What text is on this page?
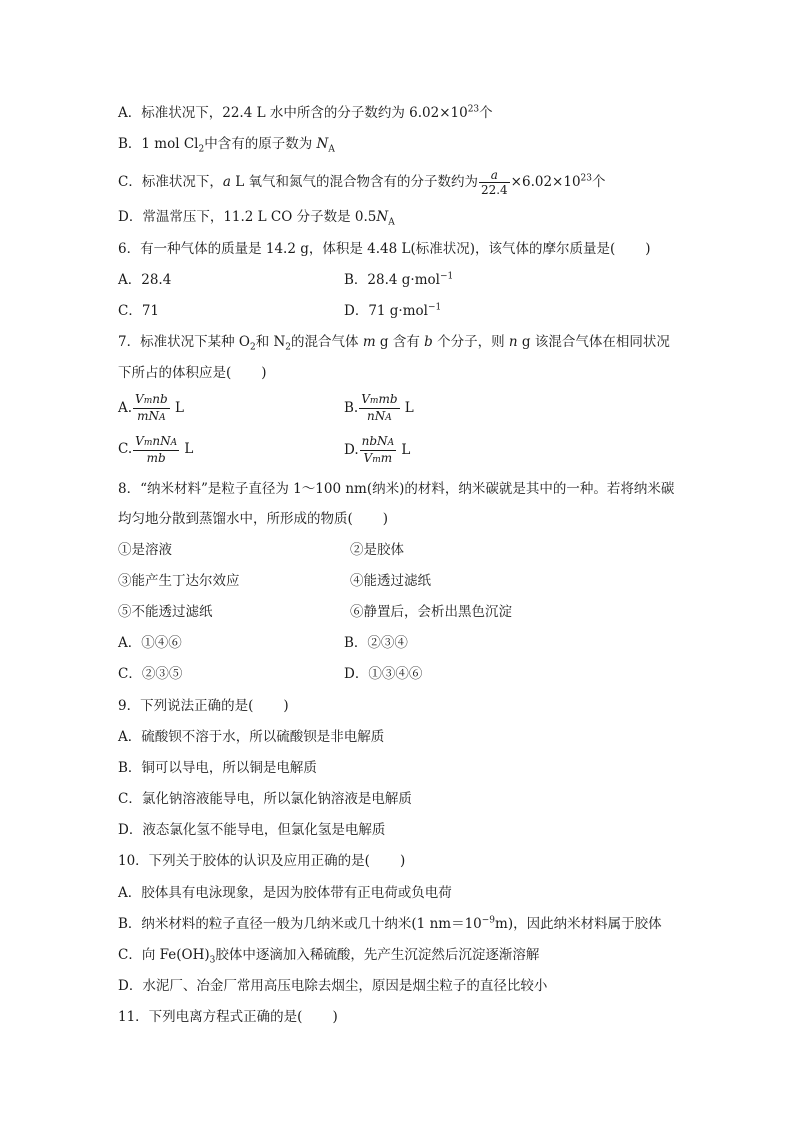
A．标准状况下，22.4 L 水中所含的分子数约为 $6.02\times 10^{23}$个
B．1 mol $Cl_2$中含有的原子数为 $N_A$
C．标准状况下，a L 氧气和氮气的混合物含有的分子数约为 $\frac{a}{22.4} \times 6.02\times 10^{23}$个
D．常温常压下，11.2 L CO 分子数是 $0.5N_A$
6．有一种气体的质量是 14.2 g，体积是 4.48 L(标准状况)，该气体的摩尔质量是( )
A．28.4	B．28.4 g·mol$^{-1}$
C．71	D．71 g·mol$^{-1}$
7．标准状况下某种 $O_2$和 $N_2$的混合气体 m g 含有 b 个分子，则 n g 该混合气体在相同状况
下所占的体积应是( )
A. $\frac{\text{Vmnb}}{\text{mNA}}$ L	B. $\frac{\text{Vmmb}}{\text{nNA}}$ L
C. $\frac{\text{VmnNA}}{mb}$ L	D. $\frac{\text{nbNA}}{\text{Vmm}}$ L
8．“纳米材料”是粒子直径为 1～100 nm(纳米)的材料，纳米碳就是其中的一种。若将纳米碳
均匀地分散到蒸馏水中，所形成的物质( )
①是溶液	②是胶体
③能产生丁达尔效应	④能透过滤纸
⑤不能透过滤纸	⑥静置后，会析出黑色沉淀
A．①④⑥	B．②③④
C．②③⑤	D．①③④⑥
9．下列说法正确的是( )
A．硫酸钡不溶于水，所以硫酸钡是非电解质
B．铜可以导电，所以铜是电解质
C．氯化钠溶液能导电，所以氯化钠溶液是电解质
D．液态氯化氢不能导电，但氯化氢是电解质
10．下列关于胶体的认识及应用正确的是( )
A．胶体具有电泳现象，是因为胶体带有正电荷或负电荷
B．纳米材料的粒子直径一般为几纳米或几十纳米(1 $nm=10^{-9}m$)，因此纳米材料属于胶体
C．向 $Fe(OH)_3$胶体中逐滴加入稀硫酸，先产生沉淀然后沉淀逐渐溶解
D．水泥厂、冶金厂常用高压电除去烟尘，原因是烟尘粒子的直径比较小
11．下列电离方程式正确的是( )
